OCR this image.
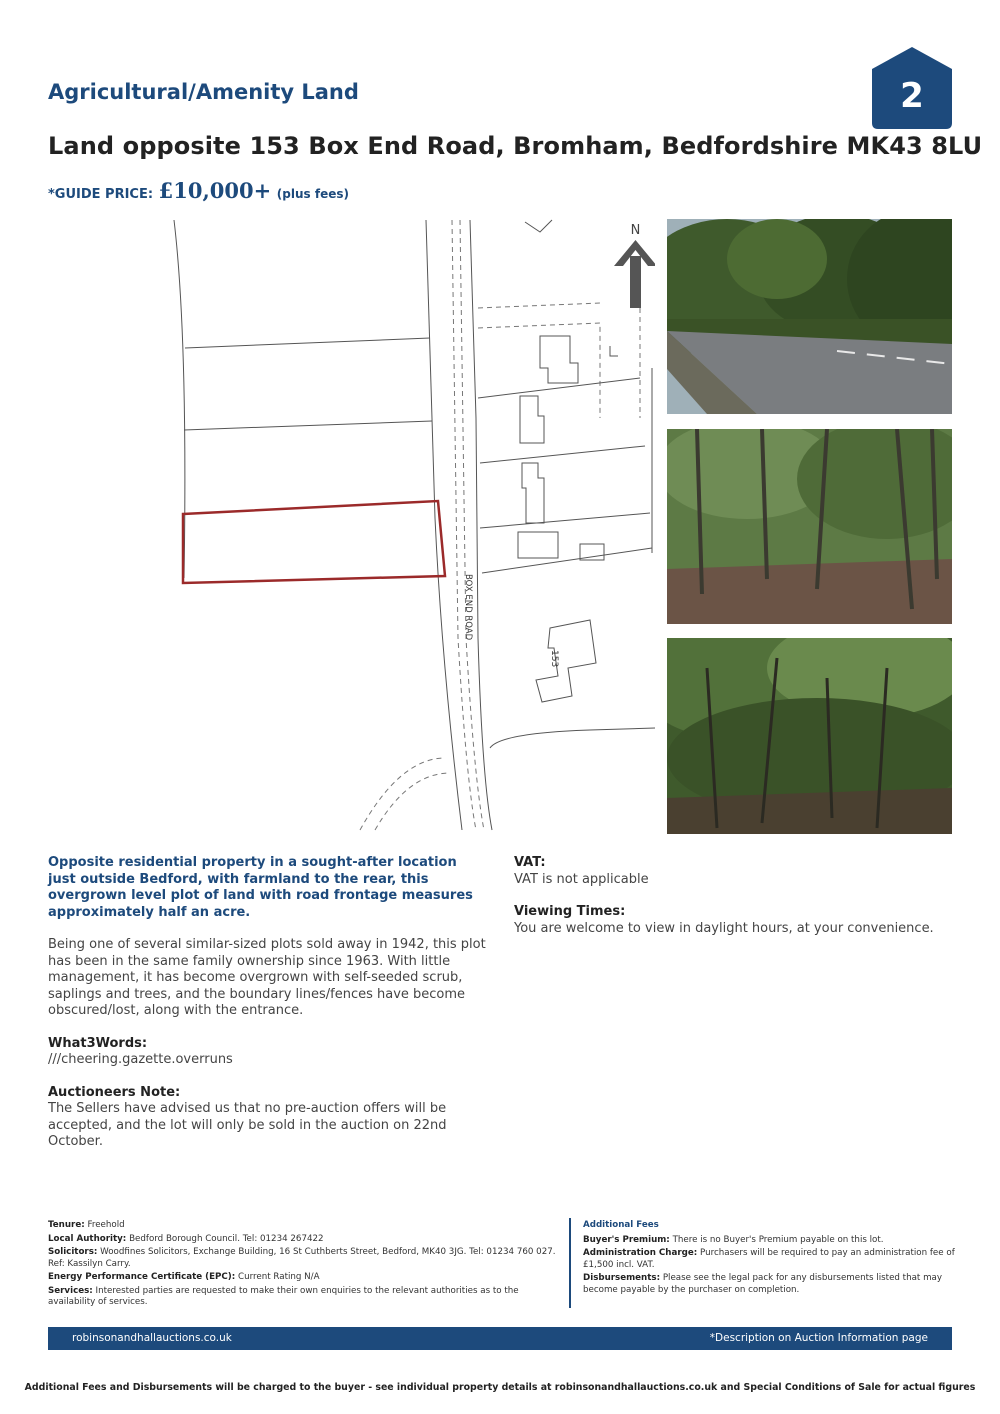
Agricultural/Amenity Land	2
Land opposite 153 Box End Road, Bromham, Bedfordshire MK43 8LU
*GUIDE PRICE: £10,000+ (plus fees)
N
BOX END ROAD
153

Opposite residential property in a sought-after location just outside Bedford, with farmland to the rear, this overgrown level plot of land with road frontage measures approximately half an acre.

Being one of several similar-sized plots sold away in 1942, this plot has been in the same family ownership since 1963. With little management, it has become overgrown with self-seeded scrub, saplings and trees, and the boundary lines/fences have become obscured/lost, along with the entrance.

What3Words:

///cheering.gazette.overruns

Auctioneers Note:

The Sellers have advised us that no pre-auction offers will be accepted, and the lot will only be sold in the auction on 22nd October.

VAT:

VAT is not applicable

Viewing Times:

You are welcome to view in daylight hours, at your convenience.

Tenure: Freehold

Local Authority: Bedford Borough Council. Tel: 01234 267422

Solicitors: Woodfines Solicitors, Exchange Building, 16 St Cuthberts Street, Bedford, MK40 3JG. Tel: 01234 760 027. Ref: Kassilyn Carry.

Energy Performance Certificate (EPC): Current Rating N/A

Services: Interested parties are requested to make their own enquiries to the relevant authorities as to the availability of services.

Additional Fees

Buyer's Premium: There is no Buyer's Premium payable on this lot.

Administration Charge: Purchasers will be required to pay an administration fee of £1,500 incl. VAT.

Disbursements: Please see the legal pack for any disbursements listed that may become payable by the purchaser on completion.

robinsonandhallauctions.co.uk	*Description on Auction Information page
Additional Fees and Disbursements will be charged to the buyer - see individual property details at robinsonandhallauctions.co.uk and Special Conditions of Sale for actual figures
